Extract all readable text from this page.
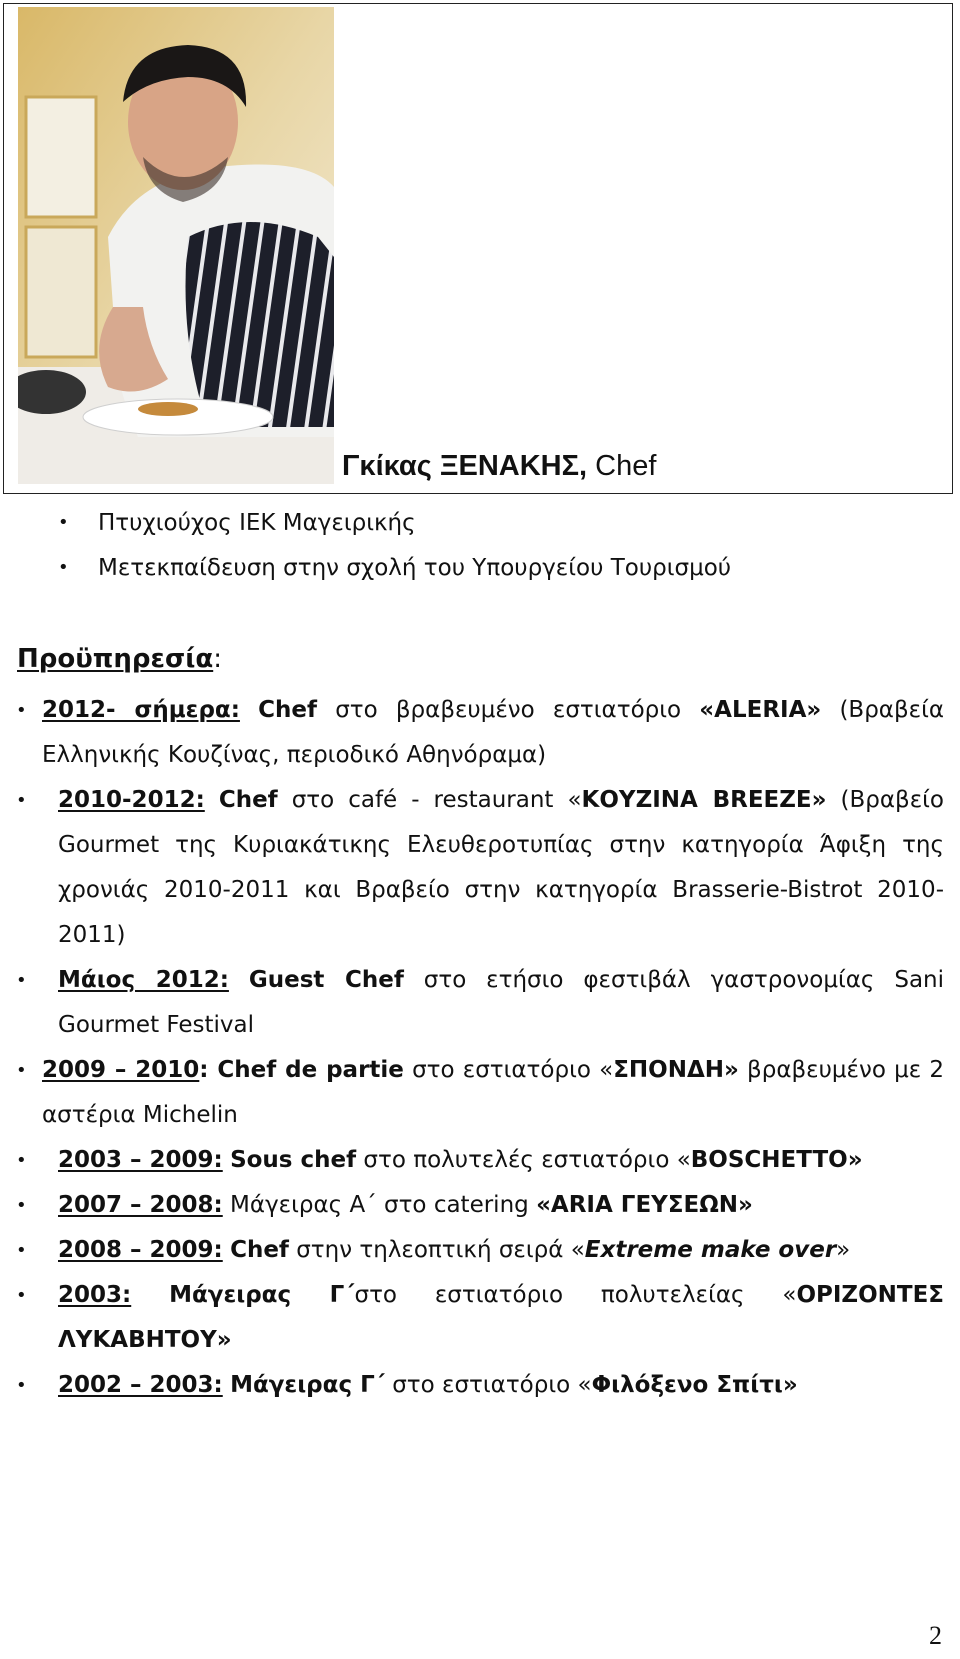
Γκίκας ΞΕΝΑΚΗΣ, Chef
• Πτυχιούχος ΙΕΚ Μαγειρικής
• Μετεκπαίδευση στην σχολή του Υπουργείου Τουρισμού
Προϋπηρεσία:
• 2012- σήμερα: Chef στο βραβευμένο εστιατόριο «ALERIA» (Βραβεία Ελληνικής Κουζίνας, περιοδικό Αθηνόραμα)
• 2010-2012: Chef στο café - restaurant «ΚΟΥΖΙΝΑ BREEZE» (Βραβείο Gourmet της Κυριακάτικης Ελευθεροτυπίας στην κατηγορία Άφιξη της χρονιάς 2010-2011 και Βραβείο στην κατηγορία Brasserie-Bistrot 2010-2011)
• Μάιος 2012: Guest Chef στο ετήσιο φεστιβάλ γαστρονομίας Sani Gourmet Festival
• 2009 – 2010: Chef de partie στο εστιατόριο «ΣΠΟΝΔΗ» βραβευμένο με 2 αστέρια Michelin
• 2003 – 2009: Sous chef στο πολυτελές εστιατόριο «BOSCHETTO»
• 2007 – 2008: Μάγειρας Α΄ στο catering «ARIA ΓΕΥΣΕΩΝ»
• 2008 – 2009: Chef στην τηλεοπτική σειρά «Extreme make over»
• 2003: Μάγειρας Γ΄στο εστιατόριο πολυτελείας «ΟΡΙΖΟΝΤΕΣ ΛΥΚΑΒΗΤΟΥ»
• 2002 – 2003: Μάγειρας Γ΄ στο εστιατόριο «Φιλόξενο Σπίτι»
2
